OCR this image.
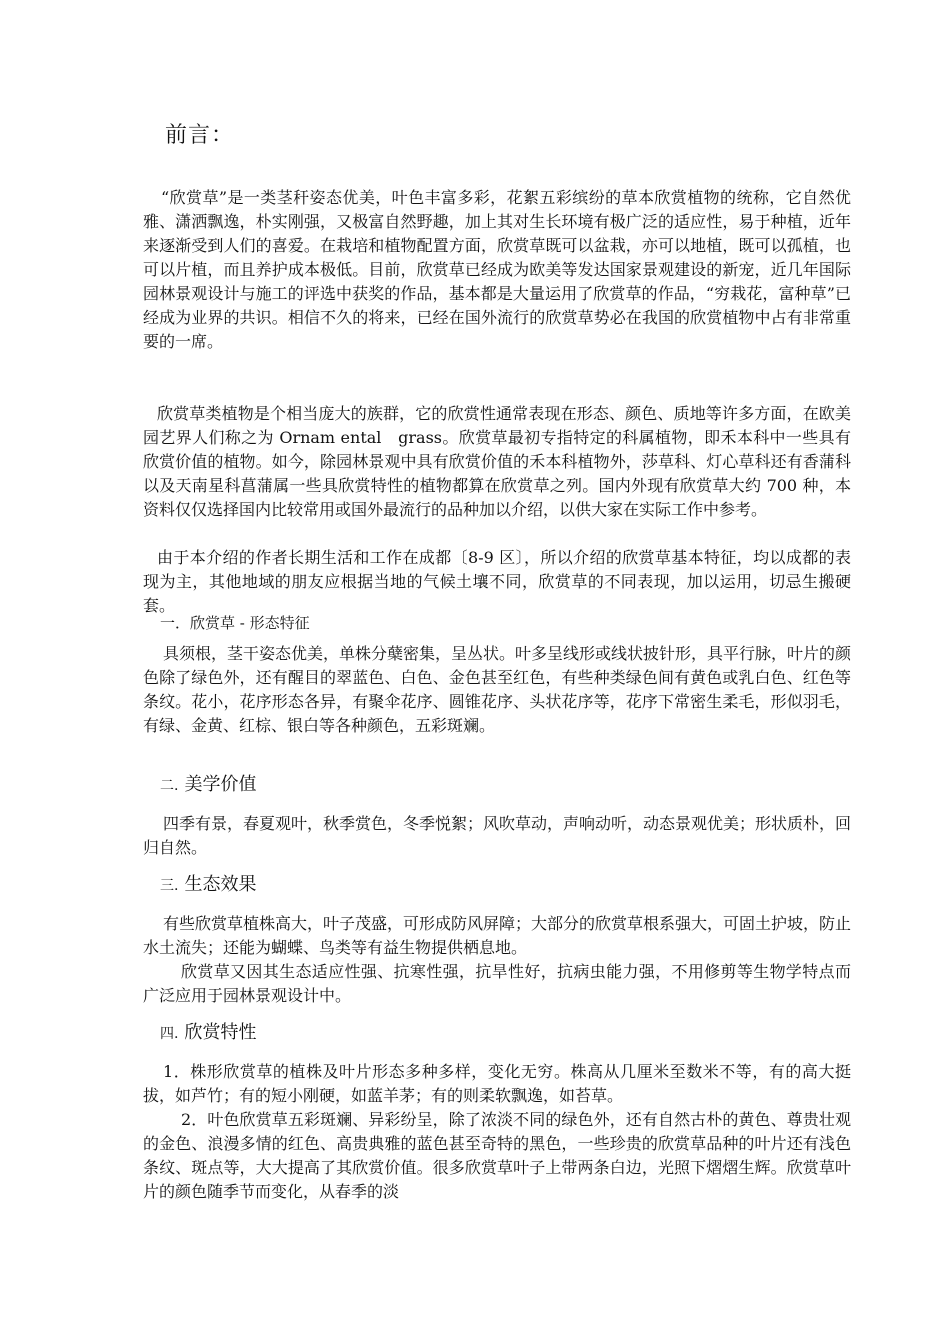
前言：
“欣赏草”是一类茎秆姿态优美，叶色丰富多彩，花絮五彩缤纷的草本欣赏植物的统称，它自然优雅、潇洒飘逸，朴实刚强，又极富自然野趣，加上其对生长环境有极广泛的适应性，易于种植，近年来逐渐受到人们的喜爱。在栽培和植物配置方面，欣赏草既可以盆栽，亦可以地植，既可以孤植，也可以片植，而且养护成本极低。目前，欣赏草已经成为欧美等发达国家景观建设的新宠，近几年国际园林景观设计与施工的评选中获奖的作品，基本都是大量运用了欣赏草的作品，“穷栽花，富种草”已经成为业界的共识。相信不久的将来，已经在国外流行的欣赏草势必在我国的欣赏植物中占有非常重要的一席。
欣赏草类植物是个相当庞大的族群，它的欣赏性通常表现在形态、颜色、质地等许多方面，在欧美园艺界人们称之为 Ornam ental　grass。欣赏草最初专指特定的科属植物，即禾本科中一些具有欣赏价值的植物。如今，除园林景观中具有欣赏价值的禾本科植物外，莎草科、灯心草科还有香蒲科以及天南星科菖蒲属一些具欣赏特性的植物都算在欣赏草之列。国内外现有欣赏草大约 700 种，本资料仅仅选择国内比较常用或国外最流行的品种加以介绍，以供大家在实际工作中参考。
由于本介绍的作者长期生活和工作在成都〔8-9 区〕，所以介绍的欣赏草基本特征，均以成都的表现为主，其他地域的朋友应根据当地的气候土壤不同，欣赏草的不同表现，加以运用，切忌生搬硬套。
一．欣赏草 - 形态特征
具须根，茎干姿态优美，单株分蘖密集，呈丛状。叶多呈线形或线状披针形，具平行脉，叶片的颜色除了绿色外，还有醒目的翠蓝色、白色、金色甚至红色，有些种类绿色间有黄色或乳白色、红色等条纹。花小，花序形态各异，有聚伞花序、圆锥花序、头状花序等，花序下常密生柔毛，形似羽毛，有绿、金黄、红棕、银白等各种颜色，五彩斑斓。
二. 美学价值
四季有景，春夏观叶，秋季赏色，冬季悦絮；风吹草动，声响动听，动态景观优美；形状质朴，回归自然。
三. 生态效果
有些欣赏草植株高大，叶子茂盛，可形成防风屏障；大部分的欣赏草根系强大，可固土护坡，防止水土流失；还能为蝴蝶、鸟类等有益生物提供栖息地。
欣赏草又因其生态适应性强、抗寒性强，抗旱性好，抗病虫能力强，不用修剪等生物学特点而广泛应用于园林景观设计中。
四. 欣赏特性
1．株形欣赏草的植株及叶片形态多种多样，变化无穷。株高从几厘米至数米不等，有的高大挺拔，如芦竹；有的短小刚硬，如蓝羊茅；有的则柔软飘逸，如苔草。
2．叶色欣赏草五彩斑斓、异彩纷呈，除了浓淡不同的绿色外，还有自然古朴的黄色、尊贵壮观的金色、浪漫多情的红色、高贵典雅的蓝色甚至奇特的黑色，一些珍贵的欣赏草品种的叶片还有浅色条纹、斑点等，大大提高了其欣赏价值。很多欣赏草叶子上带两条白边，光照下熠熠生辉。欣赏草叶片的颜色随季节而变化，从春季的淡
